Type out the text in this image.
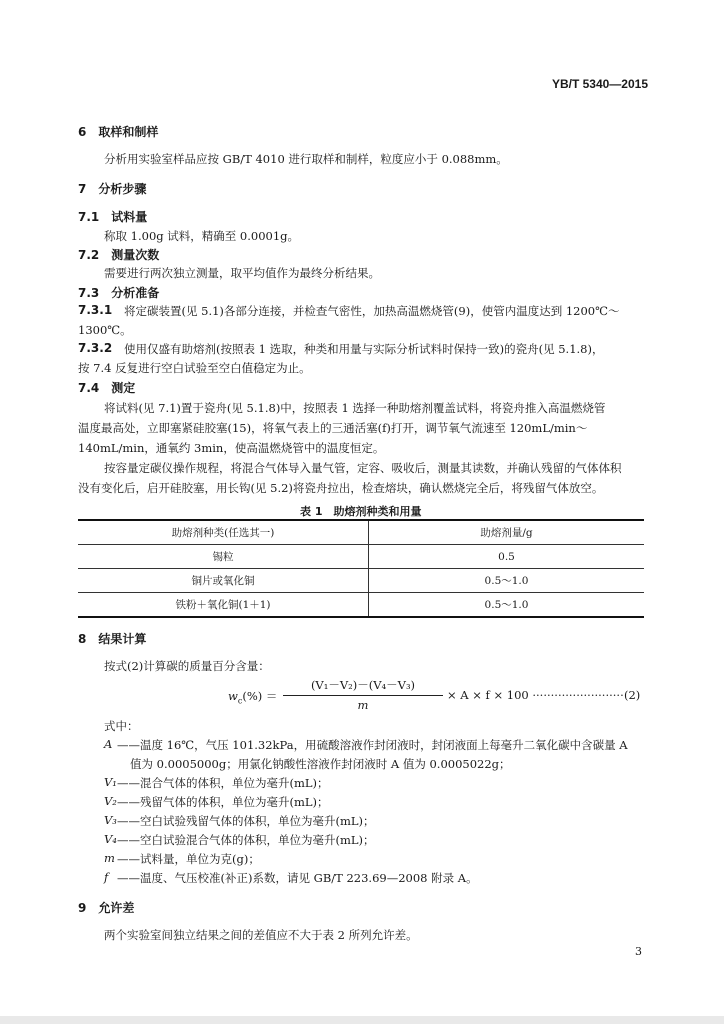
YB/T 5340—2015
6　取样和制样
分析用实验室样品应按 GB/T 4010 进行取样和制样，粒度应小于 0.088mm。
7　分析步骤
7.1　试料量
称取 1.00g 试料，精确至 0.0001g。
7.2　测量次数
需要进行两次独立测量，取平均值作为最终分析结果。
7.3　分析准备
7.3.1 将定碳装置(见 5.1)各部分连接，并检查气密性，加热高温燃烧管(9)，使管内温度达到 1200℃～
1300℃。
7.3.2 使用仅盛有助熔剂(按照表 1 选取，种类和用量与实际分析试料时保持一致)的瓷舟(见 5.1.8)，
按 7.4 反复进行空白试验至空白值稳定为止。
7.4　测定
将试料(见 7.1)置于瓷舟(见 5.1.8)中，按照表 1 选择一种助熔剂覆盖试料，将瓷舟推入高温燃烧管
温度最高处，立即塞紧硅胶塞(15)，将氧气表上的三通活塞(f)打开，调节氧气流速至 120mL/min～
140mL/min，通氧约 3min，使高温燃烧管中的温度恒定。
按容量定碳仪操作规程，将混合气体导入量气管，定容、吸收后，测量其读数，并确认残留的气体体积
没有变化后，启开硅胶塞，用长钩(见 5.2)将瓷舟拉出，检查熔块，确认燃烧完全后，将残留气体放空。
表 1　助熔剂种类和用量
助熔剂种类(任选其一)	助熔剂量/g
锡粒	0.5
铜片或氧化铜	0.5～1.0
铁粉＋氧化铜(1＋1)	0.5～1.0
8　结果计算
按式(2)计算碳的质量百分含量：
$w_c(\%) = \frac{\text{(V₁－V₂)－(V₄－V₃)}}{m} \times A \times f \times 100$ ························· (2)
式中：
A ——温度 16℃，气压 101.32kPa，用硫酸溶液作封闭液时，封闭液面上每毫升二氧化碳中含碳量 A
值为 0.0005000g；用氯化钠酸性溶液作封闭液时 A 值为 0.0005022g；
V₁ ——混合气体的体积，单位为毫升(mL)；
V₂ ——残留气体的体积，单位为毫升(mL)；
V₃ ——空白试验残留气体的体积，单位为毫升(mL)；
V₄ ——空白试验混合气体的体积，单位为毫升(mL)；
m ——试料量，单位为克(g)；
f ——温度、气压校准(补正)系数，请见 GB/T 223.69—2008 附录 A。
9　允许差
两个实验室间独立结果之间的差值应不大于表 2 所列允许差。
3
